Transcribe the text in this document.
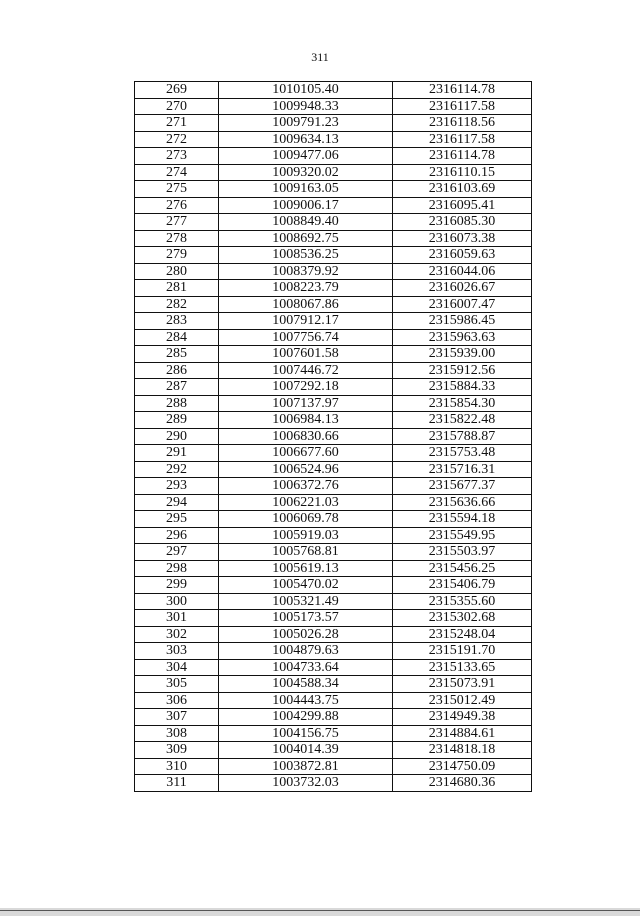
311
269	1010105.40	2316114.78
270	1009948.33	2316117.58
271	1009791.23	2316118.56
272	1009634.13	2316117.58
273	1009477.06	2316114.78
274	1009320.02	2316110.15
275	1009163.05	2316103.69
276	1009006.17	2316095.41
277	1008849.40	2316085.30
278	1008692.75	2316073.38
279	1008536.25	2316059.63
280	1008379.92	2316044.06
281	1008223.79	2316026.67
282	1008067.86	2316007.47
283	1007912.17	2315986.45
284	1007756.74	2315963.63
285	1007601.58	2315939.00
286	1007446.72	2315912.56
287	1007292.18	2315884.33
288	1007137.97	2315854.30
289	1006984.13	2315822.48
290	1006830.66	2315788.87
291	1006677.60	2315753.48
292	1006524.96	2315716.31
293	1006372.76	2315677.37
294	1006221.03	2315636.66
295	1006069.78	2315594.18
296	1005919.03	2315549.95
297	1005768.81	2315503.97
298	1005619.13	2315456.25
299	1005470.02	2315406.79
300	1005321.49	2315355.60
301	1005173.57	2315302.68
302	1005026.28	2315248.04
303	1004879.63	2315191.70
304	1004733.64	2315133.65
305	1004588.34	2315073.91
306	1004443.75	2315012.49
307	1004299.88	2314949.38
308	1004156.75	2314884.61
309	1004014.39	2314818.18
310	1003872.81	2314750.09
311	1003732.03	2314680.36
